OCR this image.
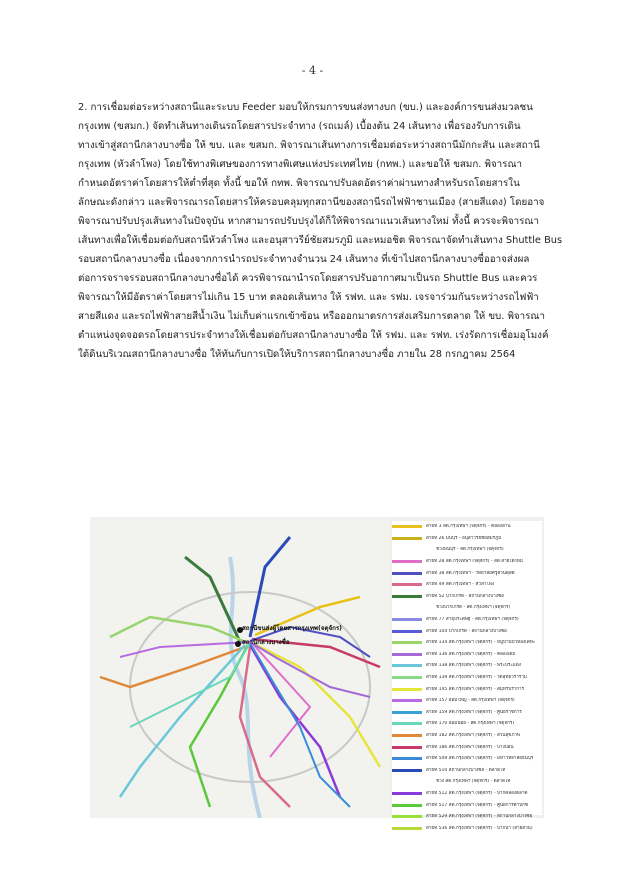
- 4 -

2. การเชื่อมต่อระหว่างสถานีและระบบ Feeder มอบให้กรมการขนส่งทางบก (ขบ.) และองค์การขนส่งมวลชน

กรุงเทพ (ขสมก.) จัดทำเส้นทางเดินรถโดยสารประจำทาง (รถเมล์) เบื้องต้น 24 เส้นทาง เพื่อรองรับการเดิน

ทางเข้าสู่สถานีกลางบางซื่อ ให้ ขบ. และ ขสมก. พิจารณาเส้นทางการเชื่อมต่อระหว่างสถานีมักกะสัน และสถานี

กรุงเทพ (หัวลำโพง) โดยใช้ทางพิเศษของการทางพิเศษแห่งประเทศไทย (กทพ.) และขอให้ ขสมก. พิจารณา

กำหนดอัตราค่าโดยสารให้ต่ำที่สุด ทั้งนี้ ขอให้ กทพ. พิจารณาปรับลดอัตราค่าผ่านทางสำหรับรถโดยสารใน

ลักษณะดังกล่าว และพิจารณารถโดยสารให้ครอบคลุมทุกสถานีของสถานีรถไฟฟ้าชานเมือง (สายสีแดง) โดยอาจ

พิจารณาปรับปรุงเส้นทางในปัจจุบัน หากสามารถปรับปรุงได้ก็ให้พิจารณาแนวเส้นทางใหม่ ทั้งนี้ ควรจะพิจารณา

เส้นทางเพื่อให้เชื่อมต่อกับสถานีหัวลำโพง และอนุสาวรีย์ชัยสมรภูมิ และหมอชิต พิจารณาจัดทำเส้นทาง Shuttle Bus

รอบสถานีกลางบางซื่อ เนื่องจากการนำรถประจำทางจำนวน 24 เส้นทาง ที่เข้าไปสถานีกลางบางซื่ออาจส่งผล

ต่อการจราจรรอบสถานีกลางบางซื่อได้ ควรพิจารณานำรถโดยสารปรับอากาศมาเป็นรถ Shuttle Bus และควร

พิจารณาให้มีอัตราค่าโดยสารไม่เกิน 15 บาท ตลอดเส้นทาง ให้ รฟท. และ รฟม. เจรจาร่วมกันระหว่างรถไฟฟ้า

สายสีแดง และรถไฟฟ้าสายสีน้ำเงิน ไม่เก็บค่าแรกเข้าซ้อน หรือออกมาตรการส่งเสริมการตลาด ให้ ขบ. พิจารณา

ตำแหน่งจุดจอดรถโดยสารประจำทางให้เชื่อมต่อกับสถานีกลางบางซื่อ ให้ รฟม. และ รฟท. เร่งรัดการเชื่อมอุโมงค์

ใต้ดินบริเวณสถานีกลางบางซื่อ ให้ทันกับการเปิดให้บริการสถานีกลางบางซื่อ ภายใน 28 กรกฎาคม 2564

สถานีขนส่งผู้โดยสารกรุงเทพ(จตุจักร)
สถานีกลางบางซื่อ
สายที่ 3 สต.กรุงเทพฯ (จตุจักร) - คลองสาน
สายที่ 26 มีนบุรี - อนุสาวรีย์ชัยสมรภูมิ
ช่วงมีนบุรี - สต.กรุงเทพฯ (จตุจักร)
สายที่ 28 สต.กรุงเทพฯ (จตุจักร) - สต.สายใต้ใหม่
สายที่ 38 สต.กรุงเทพฯ - วิทยาลัยครูสวนดุสิต
สายที่ 49 สต.กรุงเทพฯ - หัวลำโพง
สายที่ 52 ปากเกร็ด - สถานีกลางบางซื่อ
ช่วงปากเกร็ด - สต.กรุงเทพฯ (จตุจักร)
สายที่ 77 สาธุประดิษฐ์ - สต.กรุงเทพฯ (จตุจักร)
สายที่ 104 ปากเกร็ด - สถานีกลางบางซื่อ
สายที่ 134 สต.กรุงเทพฯ (จตุจักร) - หมู่บ้านบัวทองเคหะ
สายที่ 136 สต.กรุงเทพฯ (จตุจักร) - คลองเตย
สายที่ 138 สต.กรุงเทพฯ (จตุจักร) - พระประแดง
สายที่ 139 สต.กรุงเทพฯ (จตุจักร) - วัดสุทธิวราราม
สายที่ 145 สต.กรุงเทพฯ (จตุจักร) - สมุทรปราการ
สายที่ 157 อ้อมใหญ่ - สต.กรุงเทพฯ (จตุจักร)
สายที่ 159 สต.กรุงเทพฯ (จตุจักร) - ศูนย์ราชการ
สายที่ 170 อ้อมน้อย - สต.กรุงเทพฯ (จตุจักร)
สายที่ 182 สต.กรุงเทพฯ (จตุจักร) - สวนสุขภาพ
สายที่ 186 สต.กรุงเทพฯ (จตุจักร) - บางบอน
สายที่ 509 สต.กรุงเทพฯ (จตุจักร) - มหาวิทยาลัยธนบุรี
สายที่ 510 สถานีกลางบางซื่อ - ตลาดไท
ช่วง สต.กรุงเทพฯ (จตุจักร) - ตลาดไท
สายที่ 512 สต.กรุงเทพฯ (จตุจักร) - ปากคลองตลาด
สายที่ 517 สต.กรุงเทพฯ (จตุจักร) - ศูนย์การค้าบิ๊กซี
สายที่ 529 สต.กรุงเทพฯ (จตุจักร) - สถานีกลางบางซื่อ
สายที่ 536 สต.กรุงเทพฯ (จตุจักร) - ปากน้ำ (สายส่วน)
